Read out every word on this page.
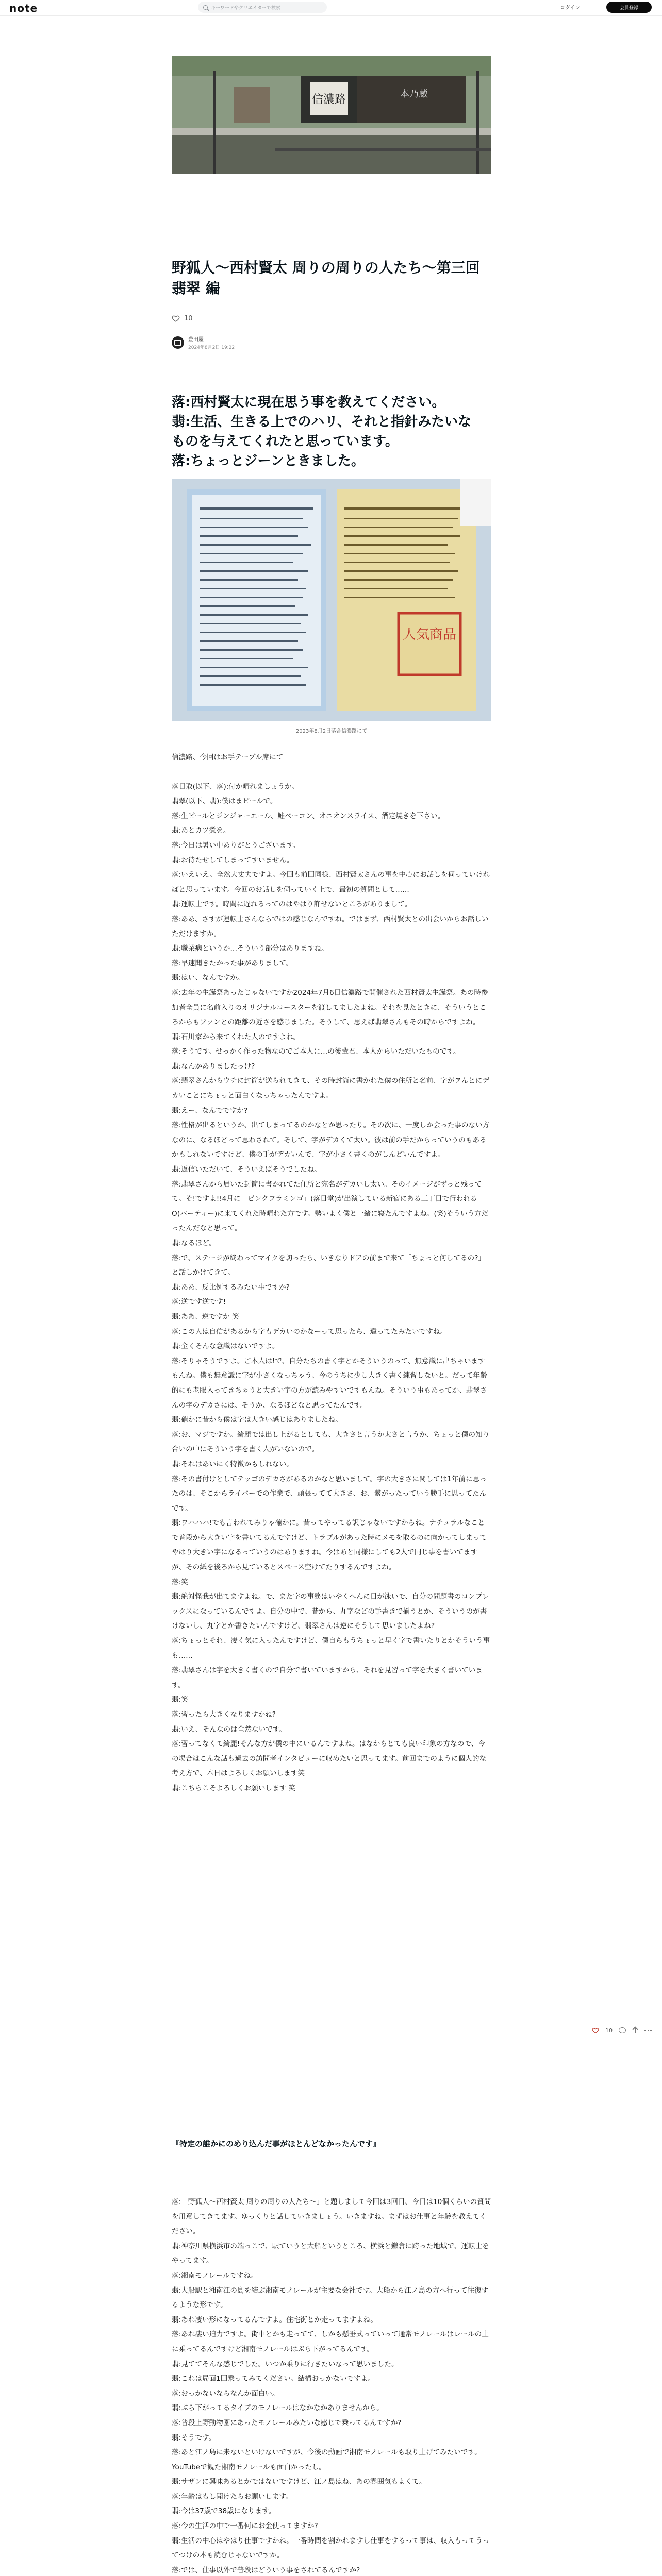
note	キーワードやクリエイターで検索	ログイン	会員登録
信濃路	本乃蔵
野狐人～西村賢太 周りの周りの人たち～第三回 翡翠 編
10
豊田屋
2024年8月2日 19:22
落:西村賢太に現在思う事を教えてください。
翡:生活、生きる上でのハリ、それと指針みたいな
ものを与えてくれたと思っています。
落:ちょっとジーンときました。
人気商品
2023年8月2日落合信濃路にて

信濃路、今回はお手テーブル席にて

落日取(以下、落):付か晴れましょうか。

翡翠(以下、翡):僕はまビールで。

落:生ビールとジンジャーエール、鮭ベーコン、オニオンスライス、酒定焼きを下さい。

翡:あとカツ煮を。

落:今日は暑い中ありがとうございます。

翡:お待たせしてしまってすいません。

落:いえいえ。全然大丈夫ですよ。今回も前回同様、西村賢太さんの事を中心にお話しを伺っていければと思っています。今回のお話しを伺っていく上で、最初の質問として……

翡:運転士です。時間に遅れるってのはやはり許せないところがありまして。

落:ああ、さすが運転士さんならではの感じなんですね。ではまず、西村賢太との出会いからお話しいただけますか。

翡:職業病というか…そういう部分はありますね。

落:早速聞きたかった事がありまして。

翡:はい、なんですか。

落:去年の生誕祭あったじゃないですか2024年7月6日信濃路で開催された西村賢太生誕祭。あの時参加者全員に名前入りのオリジナルコースターを渡してましたよね。それを見たときに、そういうところからもファンとの距離の近さを感じました。そうして、思えば翡翠さんもその時からですよね。

翡:石川家から来てくれた人のですよね。

落:そうです。せっかく作った物なのでご本人に…の後輩君、本人からいただいたものです。

翡:なんかありましたっけ?

落:翡翠さんからウチに封筒が送られてきて、その時封筒に書かれた僕の住所と名前、字がヲんとにデカいことにちょっと面白くなっちゃったんですよ。

翡:えー、なんでですか?

落:性格が出るというか、出てしまってるのかなとか思ったり。その次に、一度しか会った事のない方なのに、なるほどって思わされて。そして、字がデカくて太い。彼は前の手だからっていうのもあるかもしれないですけど、僕の手がデカいんで、字が小さく書くのがしんどいんですよ。

翡:返信いただいて、そういえばそうでしたね。

落:翡翠さんから届いた封筒に書かれてた住所と宛名がデカいし太い。そのイメージがずっと残ってて。そ!ですよ!!4月に「ビンクフラミンゴ」(落日堂)が出演している新宿にある三丁目で行われるO(パーティー)に来てくれた時晴れた方です。勢いよく僕と一緒に寝たんですよね。(笑)そういう方だったんだなと思って。

翡:なるほど。

落:で、ステージが終わってマイクを切ったら、いきなりドアの前まで来て「ちょっと何してるの?」と話しかけてきて。

翡:ああ、反比例するみたい事ですか?

落:逆です逆です!

翡:ああ、逆ですか 笑

落:この人は自信があるから字もデカいのかなーって思ったら、違ってたみたいですね。

翡:全くそんな意識はないですよ。

落:そりゃそうですよ。ご本人は!で、自分たちの書く字とかそういうのって、無意識に出ちゃいますもんね。僕も無意識に字が小さくなっちゃう、今のうちに少し大きく書く練習しないと。だって年齢的にも老眼入ってきちゃうと大きい字の方が読みやすいですもんね。そういう事もあってか、翡翠さんの字のデカさには、そうか、なるほどなと思ってたんです。

翡:確かに昔から僕は字は大きい感じはありましたね。

落:お、マジですか。綺麗では出し上がるとしても、大きさと言うか太さと言うか、ちょっと僕の知り合いの中にそういう字を書く人がいないので。

翡:それはあいにく特徴かもしれない。

落:その書付けとしてテッゴのデカさがあるのかなと思いまして。字の大きさに関しては1年前に思ったのは、そこからライバーでの作業で、頑張ってて大きさ、お、繋がったっていう勝手に思ってたんです。

翡:ワハハハ!でも言われてみりゃ確かに。昔ってやってる訳じゃないですからね。ナチュラルなことで普段から大きい字を書いてるんですけど、トラブルがあった時にメモを取るのに向かってしまってやはり大きい字になるっていうのはありますね。今はあと同様にしても2人で同じ事を書いてますが、その紙を後ろから見ているとスペース空けてたりするんですよね。

落:笑

翡:絶対怪我が出てますよね。で、また字の事務はいやくへんに目が泳いで、自分の問題書のコンプレックスになっているんですよ。自分の中で、昔から、丸字などの手書きで揃うとか、そういうのが書けないし、丸字とか書きたいんですけど、翡翠さんは逆にそうして思いましたよね?

落:ちょっとそれ、凄く気に入ったんですけど、僕自らもうちょっと早く字で書いたりとかそういう事も……

落:翡翠さんは字を大きく書くので自分で書いていますから、それを見習って字を大きく書いています。

翡:笑

落:習ったら大きくなりますかね?

翡:いえ、そんなのは全然ないです。

落:習ってなくて綺麗!そんな方が僕の中にいるんですよね。はなからとても良い印象の方なので、今の場合はこんな話も過去の訪問者インタビューに収めたいと思ってます。前回までのように個人的な考え方で、本日はよろしくお願いします笑

翡:こちらこそよろしくお願いします 笑

10
『特定の誰かにのめり込んだ事がほとんどなかったんです』

落:「野狐人～西村賢太 周りの周りの人たち～」と題しまして今回は3回目、今日は10個くらいの質問を用意してきてます。ゆっくりと話していきましょう。いきますね。まずはお仕事と年齢を教えてください。

翡:神奈川県横浜市の端っこで、駅ていうと大船というところ、横浜と鎌倉に跨った地域で、運転士をやってます。

落:湘南モノレールですね。

翡:大船駅と湘南江の島を結ぶ湘南モノレールが主要な会社です。大船から江ノ島の方へ行って往復するような形です。

翡:あれ凄い形になってるんですよ。住宅街とか走ってますよね。

落:あれ凄い迫力ですよ。街中とかも走ってて、しかも懸垂式っていって通常モノレールはレールの上に乗ってるんですけど湘南モノレールはぶら下がってるんです。

翡:見ててそんな感じでした。いつか乗りに行きたいなって思いました。

翡:これは局面1回乗ってみてください。結構おっかないですよ。

落:おっかないならなんか面白い。

翡:ぶら下がってるタイプのモノレールはなかなかありませんから。

落:普段上野動物園にあったモノレールみたいな感じで乗ってるんですか?

翡:そうです。

落:あと江ノ島に来ないといけないですが、今後の動画で湘南モノレールも取り上げてみたいです。YouTubeで観た湘南モノレールも面白かったし。

翡:サザンに興味あるとかではないですけど、江ノ島はね、あの雰囲気もよくて。

落:年齢はもし聞けたらお願いします。

翡:今は37歳で38歳になります。

落:今の生活の中で一番何にお金使ってますか?

翡:生活の中心はやはり仕事ですかね。一番時間を割かれますし仕事をするって事は、収入もってうってつけの本も読むじゃないですか。

落:では、仕事以外で普段はどういう事をされてるんですか?
